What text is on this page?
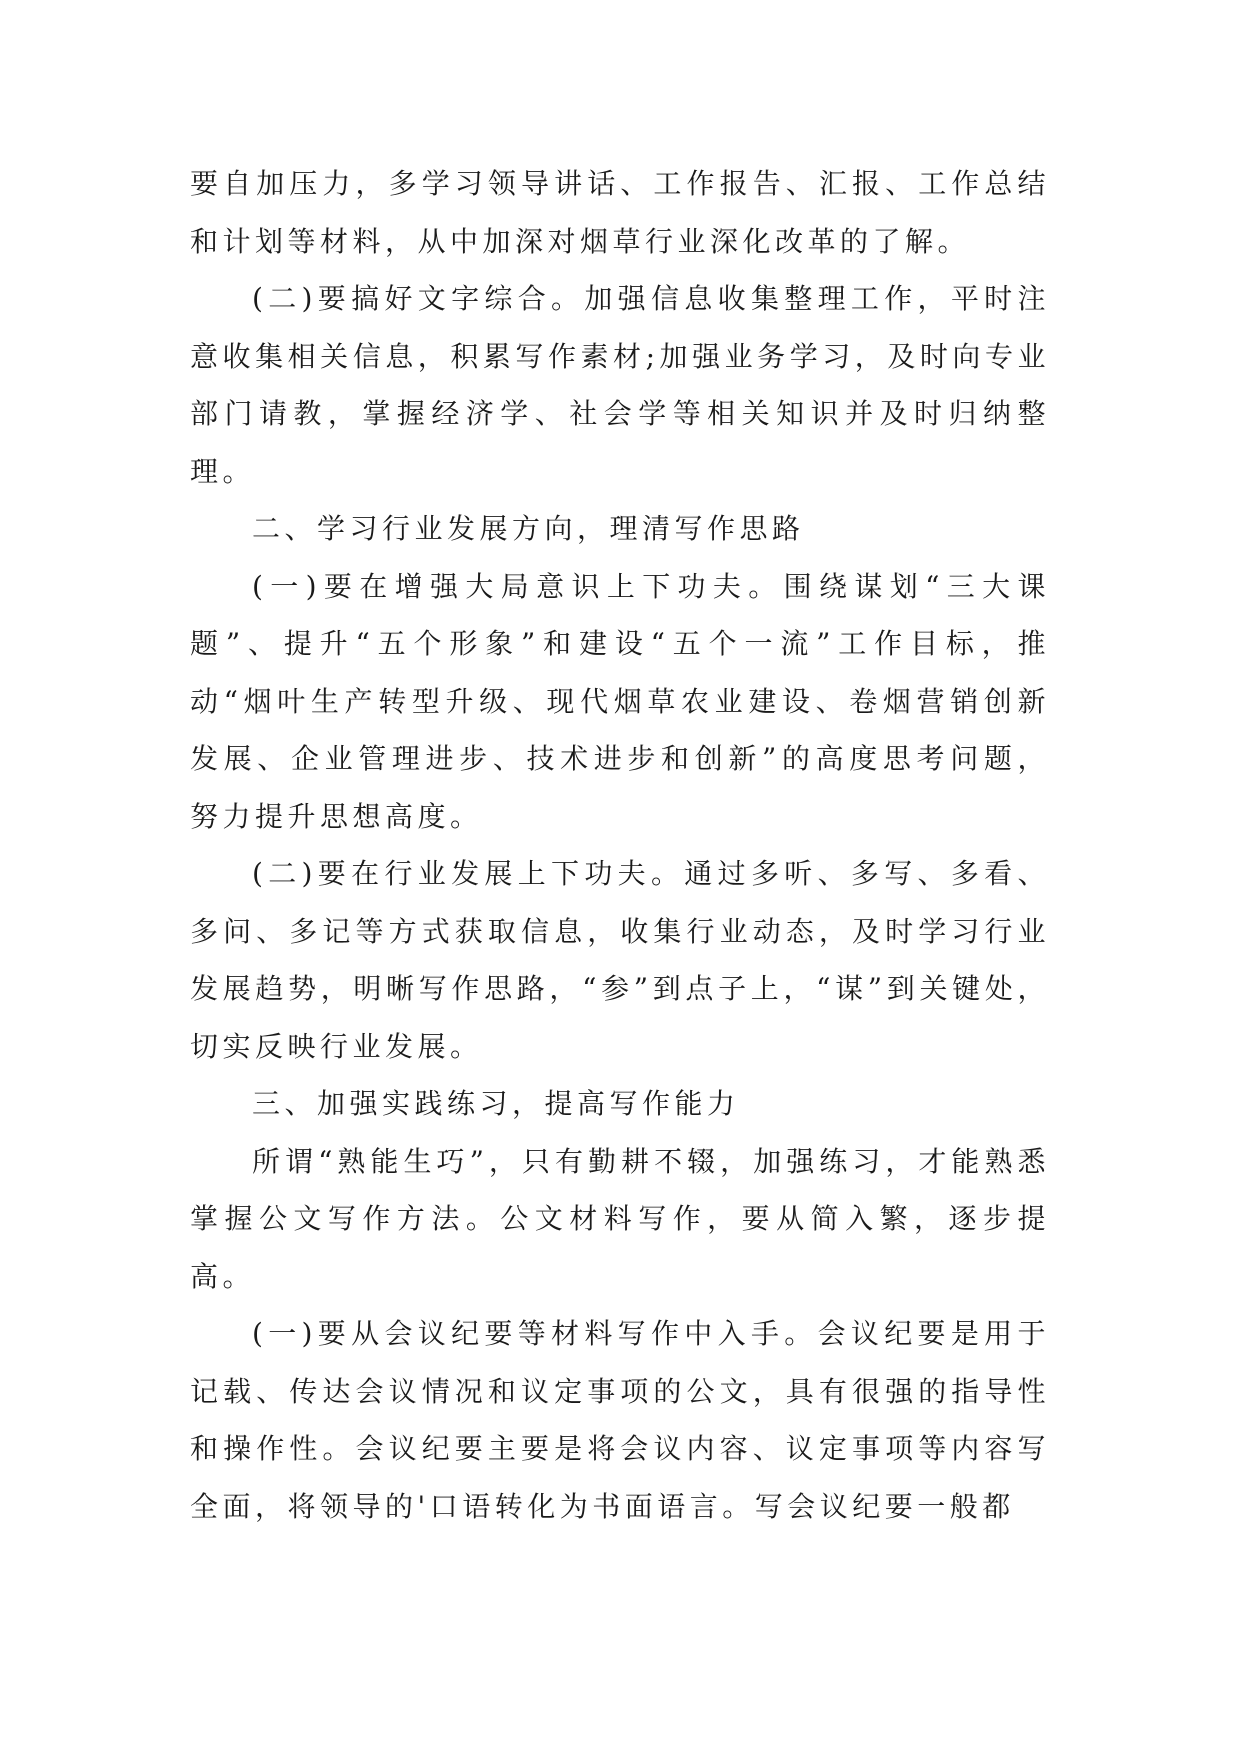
要自加压力，多学习领导讲话、工作报告、汇报、工作总结和计划等材料，从中加深对烟草行业深化改革的了解。

(二)要搞好文字综合。加强信息收集整理工作，平时注意收集相关信息，积累写作素材;加强业务学习，及时向专业部门请教，掌握经济学、社会学等相关知识并及时归纳整理。

二、学习行业发展方向，理清写作思路

(一)要在增强大局意识上下功夫。围绕谋划“三大课题”、提升“五个形象”和建设“五个一流”工作目标，推动“烟叶生产转型升级、现代烟草农业建设、卷烟营销创新发展、企业管理进步、技术进步和创新”的高度思考问题，努力提升思想高度。

(二)要在行业发展上下功夫。通过多听、多写、多看、多问、多记等方式获取信息，收集行业动态，及时学习行业发展趋势，明晰写作思路，“参”到点子上，“谋”到关键处，切实反映行业发展。

三、加强实践练习，提高写作能力

所谓“熟能生巧”，只有勤耕不辍，加强练习，才能熟悉掌握公文写作方法。公文材料写作，要从简入繁，逐步提高。

(一)要从会议纪要等材料写作中入手。会议纪要是用于记载、传达会议情况和议定事项的公文，具有很强的指导性和操作性。会议纪要主要是将会议内容、议定事项等内容写全面，将领导的'口语转化为书面语言。写会议纪要一般都
